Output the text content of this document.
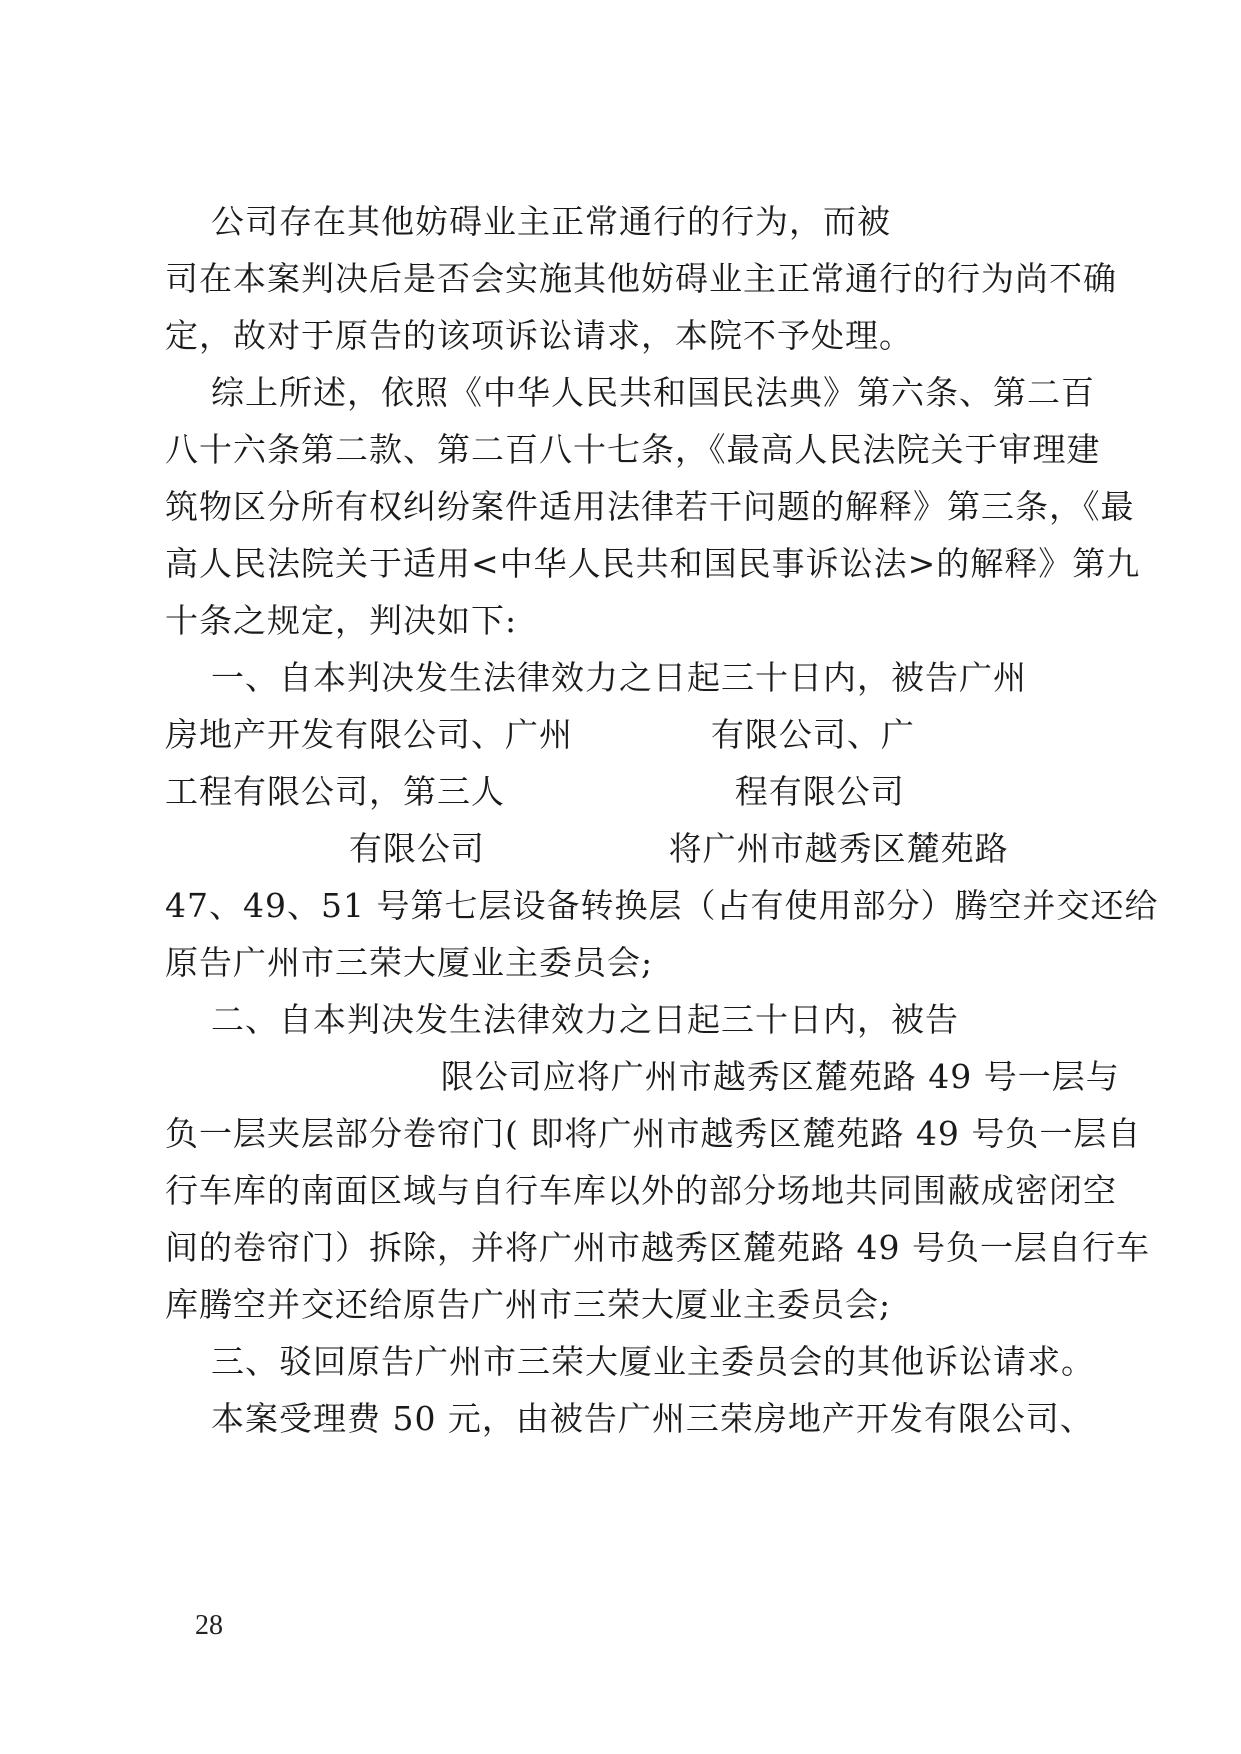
公司存在其他妨碍业主正常通行的行为，而被
司在本案判决后是否会实施其他妨碍业主正常通行的行为尚不确
定，故对于原告的该项诉讼请求，本院不予处理。
综上所述，依照《中华人民共和国民法典》第六条、第二百
八十六条第二款、第二百八十七条，《最高人民法院关于审理建
筑物区分所有权纠纷案件适用法律若干问题的解释》第三条，《最
高人民法院关于适用<中华人民共和国民事诉讼法>的解释》第九
十条之规定，判决如下:
一、自本判决发生法律效力之日起三十日内，被告广州
房地产开发有限公司、广州            有限公司、广
工程有限公司，第三人                    程有限公司
有限公司                将广州市越秀区麓苑路
47、49、51 号第七层设备转换层（占有使用部分）腾空并交还给
原告广州市三荣大厦业主委员会;
二、自本判决发生法律效力之日起三十日内，被告
限公司应将广州市越秀区麓苑路 49 号一层与
负一层夹层部分卷帘门( 即将广州市越秀区麓苑路 49 号负一层自
行车库的南面区域与自行车库以外的部分场地共同围蔽成密闭空
间的卷帘门）拆除，并将广州市越秀区麓苑路 49 号负一层自行车
库腾空并交还给原告广州市三荣大厦业主委员会;
三、驳回原告广州市三荣大厦业主委员会的其他诉讼请求。
本案受理费 50 元，由被告广州三荣房地产开发有限公司、
28
